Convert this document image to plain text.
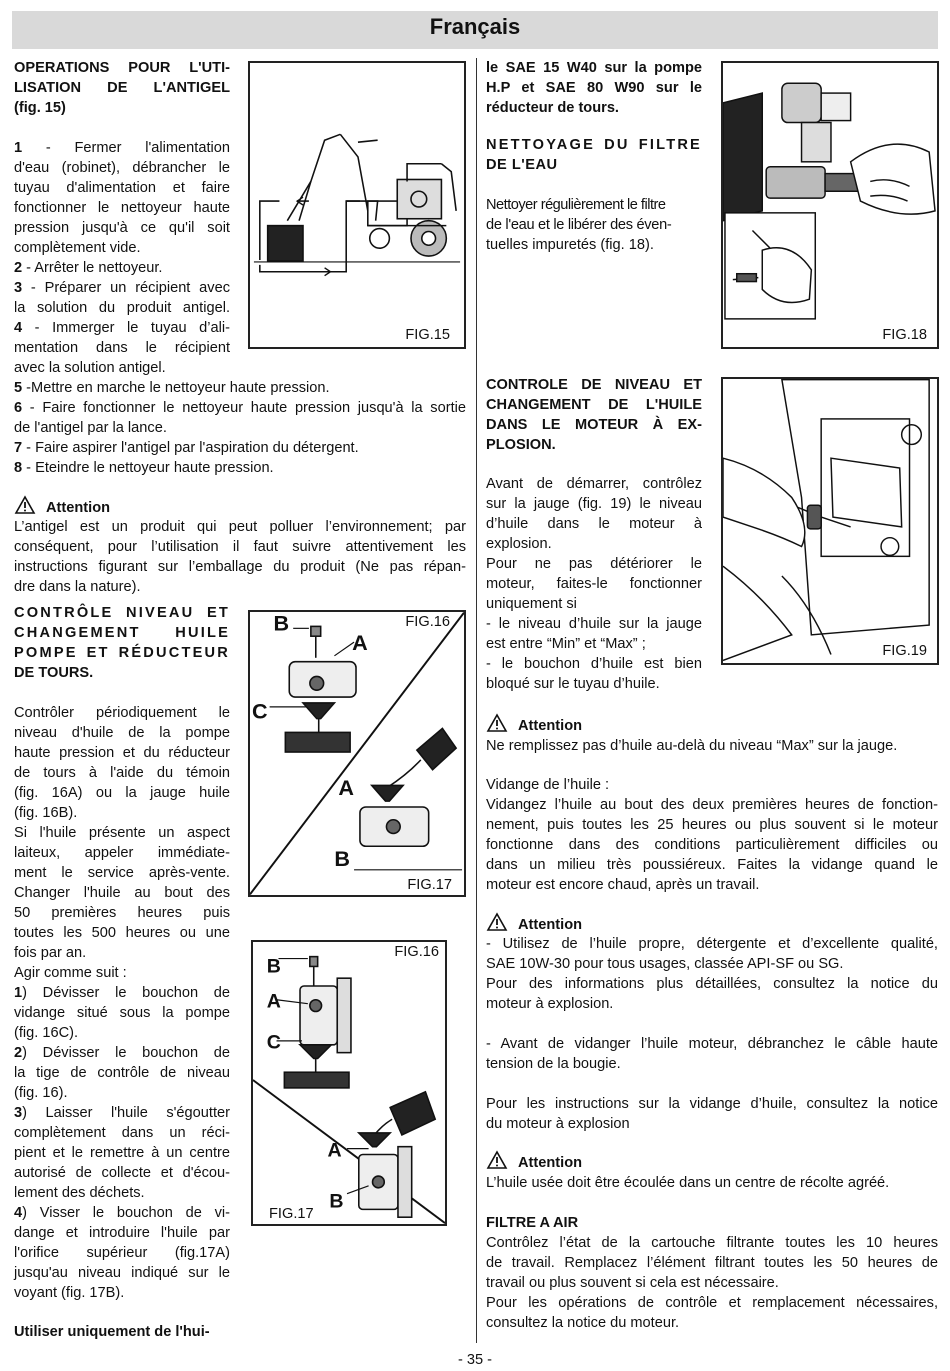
Français
OPERATIONS POUR L'UTI-
LISATION DE L'ANTIGEL
(fig. 15)
1 - Fermer l'alimentation
d'eau (robinet), débrancher le
tuyau d'alimentation et faire
fonctionner le nettoyeur haute
pression jusqu'à ce qu'il soit
complètement vide.
2 - Arrêter le nettoyeur.
3 - Préparer un récipient avec
la solution du produit antigel.
4 - Immerger le tuyau d’ali-
mentation dans le récipient
avec la solution antigel.
5 -Mettre en marche le nettoyeur haute pression.
6 - Faire fonctionner le nettoyeur haute pression jusqu'à la sortie
de l'antigel par la lance.
7 - Faire aspirer l'antigel par l'aspiration du détergent.
8 - Eteindre le nettoyeur haute pression.
FIG.15
Attention
L’antigel est un produit qui peut polluer l’environnement; par
conséquent, pour l’utilisation il faut suivre attentivement les
instructions figurant sur l’emballage du produit (Ne pas répan-
dre dans la nature).
CONTRÔLE NIVEAU ET
CHANGEMENT HUILE
POMPE ET RÉDUCTEUR
DE TOURS.
Contrôler périodiquement le
niveau d'huile de la pompe
haute pression et du réducteur
de tours à l'aide du témoin
(fig. 16A) ou la jauge huile
(fig. 16B).
Si l'huile présente un aspect
laiteux, appeler immédiate-
ment le service après-vente.
Changer l'huile au bout des
50 premières heures puis
toutes les 500 heures ou une
fois par an.
Agir comme suit :
1) Dévisser le bouchon de
vidange situé sous la pompe
(fig. 16C).
2) Dévisser le bouchon de
la tige de contrôle de niveau
(fig. 16).
3) Laisser l'huile s'égoutter
complètement dans un réci-
pient et le remettre à un centre
autorisé de collecte et d'écou-
lement des déchets.
4) Visser le bouchon de vi-
dange et introduire l'huile par
l'orifice supérieur (fig.17A)
jusqu'au niveau indiqué sur le
voyant (fig. 17B).
Utiliser uniquement de l'hui-
B
A
C
A
B
FIG.16
FIG.17
B
A
C
A
B
FIG.16
FIG.17
le SAE 15 W40 sur la pompe
H.P et SAE 80 W90 sur le
réducteur de tours.
NETTOYAGE DU FILTRE
DE L'EAU
Nettoyer régulièrement le filtre
de l'eau et le libérer des éven-
tuelles impuretés (fig. 18).
FIG.18
CONTROLE DE NIVEAU ET
CHANGEMENT DE L'HUILE
DANS LE MOTEUR À EX-
PLOSION.
Avant de démarrer, contrôlez
sur la jauge (fig. 19) le niveau
d’huile dans le moteur à
explosion.
Pour ne pas détériorer le
moteur, faites-le fonctionner
uniquement si
- le niveau d’huile sur la jauge
est entre “Min” et “Max” ;
- le bouchon d’huile est bien
bloqué sur le tuyau d’huile.
FIG.19
Attention
Ne remplissez pas d’huile au-delà du niveau “Max” sur la jauge.
Vidange de l’huile :
Vidangez l’huile au bout des deux premières heures de fonction-
nement, puis toutes les 25 heures ou plus souvent si le moteur
fonctionne dans des conditions particulièrement difficiles ou
dans un milieu très poussiéreux. Faites la vidange quand le
moteur est encore chaud, après un travail.
Attention
- Utilisez de l’huile propre, détergente et d’excellente qualité,
SAE 10W-30 pour tous usages, classée API-SF ou SG.
Pour des informations plus détaillées, consultez la notice du
moteur à explosion.
- Avant de vidanger l’huile moteur, débranchez le câble haute
tension de la bougie.
Pour les instructions sur la vidange d’huile, consultez la notice
du moteur à explosion
Attention
L’huile usée doit être écoulée dans un centre de récolte agréé.
FILTRE A AIR
Contrôlez l’état de la cartouche filtrante toutes les 10 heures
de travail. Remplacez l’élément filtrant toutes les 50 heures de
travail ou plus souvent si cela est nécessaire.
Pour les opérations de contrôle et remplacement nécessaires,
consultez la notice du moteur.
- 35 -
